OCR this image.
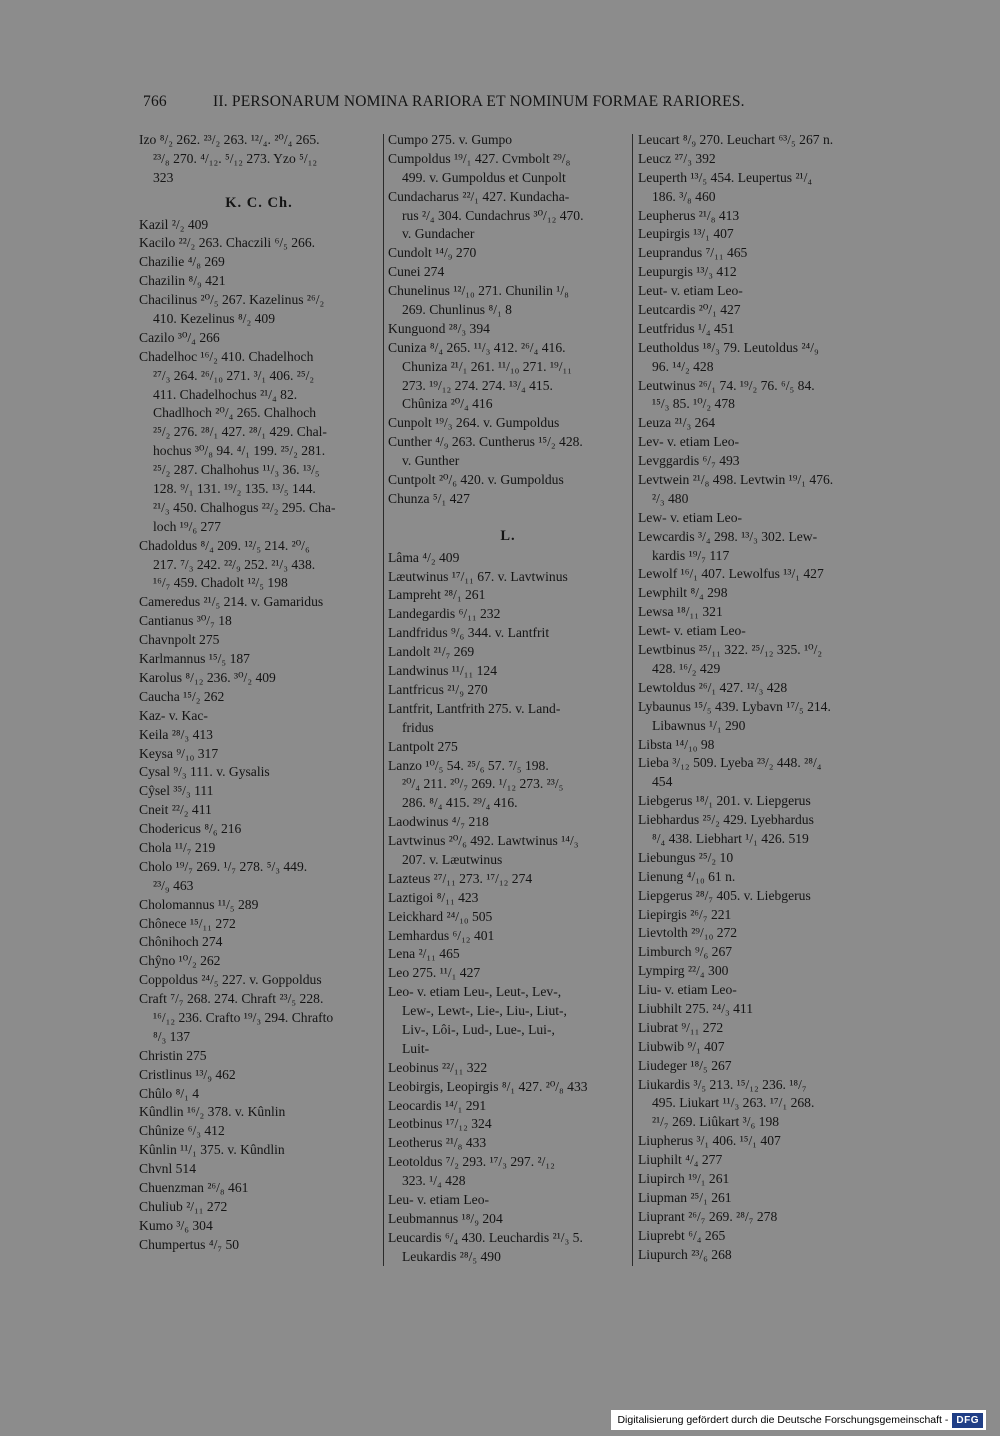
766	II. PERSONARUM NOMINA RARIORA ET NOMINUM FORMAE RARIORES.
Izo ⁸/₂ 262. ²³/₂ 263. ¹²/₄. ²⁰/₄ 265.
²³/₈ 270. ⁴/₁₂. ⁵/₁₂ 273. Yzo ⁵/₁₂
323
K. C. Ch.
Kazil ²/₂ 409
Kacilo ²²/₂ 263. Chaczili ⁶/₅ 266.
Chazilie ⁴/₈ 269
Chazilin ⁸/₉ 421
Chacilinus ²⁰/₅ 267. Kazelinus ²⁶/₂
410. Kezelinus ⁸/₂ 409
Cazilo ³⁰/₄ 266
Chadelhoc ¹⁶/₂ 410. Chadelhoch
²⁷/₃ 264. ²⁶/₁₀ 271. ³/₁ 406. ²⁵/₂
411. Chadelhochus ²¹/₄ 82.
Chadlhoch ²⁰/₄ 265. Chalhoch
²⁵/₂ 276. ²⁸/₁ 427. ²⁸/₁ 429. Chal-
hochus ³⁰/₈ 94. ⁴/₁ 199. ²⁵/₂ 281.
²⁵/₂ 287. Chalhohus ¹¹/₃ 36. ¹³/₅
128. ⁹/₁ 131. ¹⁹/₂ 135. ¹³/₅ 144.
²¹/₃ 450. Chalhogus ²²/₂ 295. Cha-
loch ¹⁹/₆ 277
Chadoldus ⁸/₄ 209. ¹²/₅ 214. ²⁰/₆
217. ⁷/₃ 242. ²²/₉ 252. ²¹/₃ 438.
¹⁶/₇ 459. Chadolt ¹²/₅ 198
Cameredus ²¹/₅ 214. v. Gamaridus
Cantianus ³⁰/₇ 18
Chavnpolt 275
Karlmannus ¹⁵/₅ 187
Karolus ⁸/₁₂ 236. ³⁰/₂ 409
Caucha ¹⁵/₂ 262
Kaz- v. Kac-
Keila ²⁸/₃ 413
Keysa ⁹/₁₀ 317
Cysal ⁹/₃ 111. v. Gysalis
Cŷsel ³⁵/₃ 111
Cneit ²²/₂ 411
Chodericus ⁸/₆ 216
Chola ¹¹/₇ 219
Cholo ¹⁹/₇ 269. ¹/₇ 278. ⁵/₃ 449.
²³/₉ 463
Cholomannus ¹¹/₅ 289
Chônece ¹⁵/₁₁ 272
Chônihoch 274
Chŷno ¹⁰/₂ 262
Coppoldus ²⁴/₅ 227. v. Goppoldus
Craft ⁷/₇ 268. 274. Chraft ²³/₅ 228.
¹⁶/₁₂ 236. Crafto ¹⁹/₃ 294. Chrafto
⁸/₃ 137
Christin 275
Cristlinus ¹³/₉ 462
Chûlo ⁸/₁ 4
Kûndlin ¹⁶/₂ 378. v. Kûnlin
Chûnize ⁶/₃ 412
Kûnlin ¹¹/₁ 375. v. Kûndlin
Chvnl 514
Chuenzman ²⁶/₈ 461
Chuliub ²/₁₁ 272
Kumo ³/₆ 304
Chumpertus ⁴/₇ 50
Cumpo 275. v. Gumpo
Cumpoldus ¹⁹/₁ 427. Cvmbolt ²⁹/₈
499. v. Gumpoldus et Cunpolt
Cundacharus ²²/₁ 427. Kundacha-
rus ²/₄ 304. Cundachrus ³⁰/₁₂ 470.
v. Gundacher
Cundolt ¹⁴/₉ 270
Cunei 274
Chunelinus ¹²/₁₀ 271. Chunilin ¹/₈
269. Chunlinus ⁸/₁ 8
Kunguond ²⁸/₃ 394
Cuniza ⁸/₄ 265. ¹¹/₃ 412. ²⁶/₄ 416.
Chuniza ²¹/₁ 261. ¹¹/₁₀ 271. ¹⁹/₁₁
273. ¹⁹/₁₂ 274. 274. ¹³/₄ 415.
Chûniza ²⁰/₄ 416
Cunpolt ¹⁹/₃ 264. v. Gumpoldus
Cunther ⁴/₉ 263. Cuntherus ¹⁵/₂ 428.
v. Gunther
Cuntpolt ²⁰/₆ 420. v. Gumpoldus
Chunza ⁵/₁ 427
L.
Lâma ⁴/₂ 409
Læutwinus ¹⁷/₁₁ 67. v. Lavtwinus
Lampreht ²⁸/₁ 261
Landegardis ⁶/₁₁ 232
Landfridus ⁹/₆ 344. v. Lantfrit
Landolt ²¹/₇ 269
Landwinus ¹¹/₁₁ 124
Lantfricus ²¹/₉ 270
Lantfrit, Lantfrith 275. v. Land-
fridus
Lantpolt 275
Lanzo ¹⁰/₅ 54. ²⁵/₆ 57. ⁷/₅ 198.
²⁰/₄ 211. ²⁰/₇ 269. ¹/₁₂ 273. ²³/₅
286. ⁸/₄ 415. ²⁹/₄ 416.
Laodwinus ⁴/₇ 218
Lavtwinus ²⁰/₆ 492. Lawtwinus ¹⁴/₃
207. v. Læutwinus
Lazteus ²⁷/₁₁ 273. ¹⁷/₁₂ 274
Laztigoi ⁸/₁₁ 423
Leickhard ²⁴/₁₀ 505
Lemhardus ⁶/₁₂ 401
Lena ²/₁₁ 465
Leo 275. ¹¹/₁ 427
Leo- v. etiam Leu-, Leut-, Lev-,
Lew-, Lewt-, Lie-, Liu-, Liut-,
Liv-, Lôi-, Lud-, Lue-, Lui-,
Luit-
Leobinus ²²/₁₁ 322
Leobirgis, Leopirgis ⁸/₁ 427. ²⁰/₈ 433
Leocardis ¹⁴/₁ 291
Leotbinus ¹⁷/₁₂ 324
Leotherus ²¹/₈ 433
Leotoldus ⁷/₂ 293. ¹⁷/₃ 297. ²/₁₂
323. ¹/₄ 428
Leu- v. etiam Leo-
Leubmannus ¹⁸/₉ 204
Leucardis ⁶/₄ 430. Leuchardis ²¹/₃ 5.
Leukardis ²⁸/₅ 490
Leucart ⁸/₉ 270. Leuchart ⁶³/₅ 267 n.
Leucz ²⁷/₃ 392
Leuperth ¹³/₅ 454. Leupertus ²¹/₄
186. ³/₈ 460
Leupherus ²¹/₈ 413
Leupirgis ¹³/₁ 407
Leuprandus ⁷/₁₁ 465
Leupurgis ¹³/₃ 412
Leut- v. etiam Leo-
Leutcardis ²⁰/₁ 427
Leutfridus ¹/₄ 451
Leutholdus ¹⁸/₃ 79. Leutoldus ²⁴/₉
96. ¹⁴/₂ 428
Leutwinus ²⁶/₁ 74. ¹⁹/₂ 76. ⁶/₅ 84.
¹⁵/₃ 85. ¹⁰/₂ 478
Leuza ²¹/₃ 264
Lev- v. etiam Leo-
Levggardis ⁶/₇ 493
Levtwein ²¹/₈ 498. Levtwin ¹⁹/₁ 476.
²/₃ 480
Lew- v. etiam Leo-
Lewcardis ³/₄ 298. ¹³/₃ 302. Lew-
kardis ¹⁹/₇ 117
Lewolf ¹⁶/₁ 407. Lewolfus ¹³/₁ 427
Lewphilt ⁸/₄ 298
Lewsa ¹⁸/₁₁ 321
Lewt- v. etiam Leo-
Lewtbinus ²⁵/₁₁ 322. ²⁵/₁₂ 325. ¹⁰/₂
428. ¹⁶/₂ 429
Lewtoldus ²⁶/₁ 427. ¹²/₃ 428
Lybaunus ¹⁵/₅ 439. Lybavn ¹⁷/₅ 214.
Libawnus ¹/₁ 290
Libsta ¹⁴/₁₀ 98
Lieba ³/₁₂ 509. Lyeba ²³/₂ 448. ²⁸/₄
454
Liebgerus ¹⁸/₁ 201. v. Liepgerus
Liebhardus ²⁵/₂ 429. Lyebhardus
⁸/₄ 438. Liebhart ¹/₁ 426. 519
Liebungus ²⁵/₂ 10
Lienung ⁴/₁₀ 61 n.
Liepgerus ²⁸/₇ 405. v. Liebgerus
Liepirgis ²⁶/₇ 221
Lievtolth ²⁹/₁₀ 272
Limburch ⁹/₆ 267
Lympirg ²²/₄ 300
Liu- v. etiam Leo-
Liubhilt 275. ²⁴/₃ 411
Liubrat ⁹/₁₁ 272
Liubwib ⁹/₁ 407
Liudeger ¹⁸/₅ 267
Liukardis ³/₅ 213. ¹⁵/₁₂ 236. ¹⁸/₇
495. Liukart ¹¹/₃ 263. ¹⁷/₁ 268.
²¹/₇ 269. Liûkart ³/₆ 198
Liupherus ³/₁ 406. ¹⁵/₁ 407
Liuphilt ⁴/₄ 277
Liupirch ¹⁹/₁ 261
Liupman ²⁵/₁ 261
Liuprant ²⁶/₇ 269. ²⁸/₇ 278
Liuprebt ⁶/₄ 265
Liupurch ²³/₆ 268
Digitalisierung gefördert durch die Deutsche Forschungsgemeinschaft - DFG
